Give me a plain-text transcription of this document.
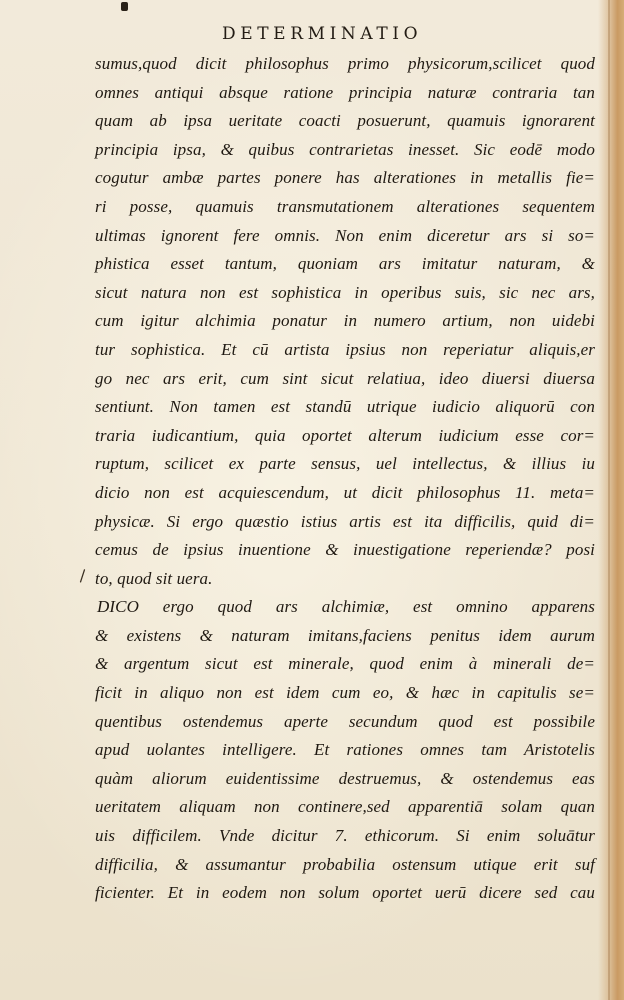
DETERMINATIO
sumus,quod dicit philosophus primo physicorum,scilicet quod
omnes antiqui absque ratione principia naturæ contraria tan
quam ab ipsa ueritate coacti posuerunt, quamuis ignorarent
principia ipsa, & quibus contrarietas inesset. Sic eodē modo
cogutur ambæ partes ponere has alterationes in metallis fie=
ri posse, quamuis transmutationem alterationes sequentem
ultimas ignorent fere omnis. Non enim diceretur ars si so=
phistica esset tantum, quoniam ars imitatur naturam, &
sicut natura non est sophistica in operibus suis, sic nec ars,
cum igitur alchimia ponatur in numero artium, non uidebi
tur sophistica. Et cū artista ipsius non reperiatur aliquis,er
go nec ars erit, cum sint sicut relatiua, ideo diuersi diuersa
sentiunt. Non tamen est standū utrique iudicio aliquorū con
traria iudicantium, quia oportet alterum iudicium esse cor=
ruptum, scilicet ex parte sensus, uel intellectus, & illius iu
dicio non est acquiescendum, ut dicit philosophus 11. meta=
physicæ. Si ergo quæstio istius artis est ita difficilis, quid di=
cemus de ipsius inuentione & inuestigatione reperiendæ? posi
to, quod sit uera.
DICO ergo quod ars alchimiæ, est omnino apparens
& existens & naturam imitans,faciens penitus idem aurum
& argentum sicut est minerale, quod enim à minerali de=
ficit in aliquo non est idem cum eo, & hæc in capitulis se=
quentibus ostendemus aperte secundum quod est possibile
apud uolantes intelligere. Et rationes omnes tam Aristotelis
quàm aliorum euidentissime destruemus, & ostendemus eas
ueritatem aliquam non continere,sed apparentiā solam quan
uis difficilem. Vnde dicitur 7. ethicorum. Si enim soluātur
difficilia, & assumantur probabilia ostensum utique erit suf
ficienter. Et in eodem non solum oportet uerū dicere sed cau
\
